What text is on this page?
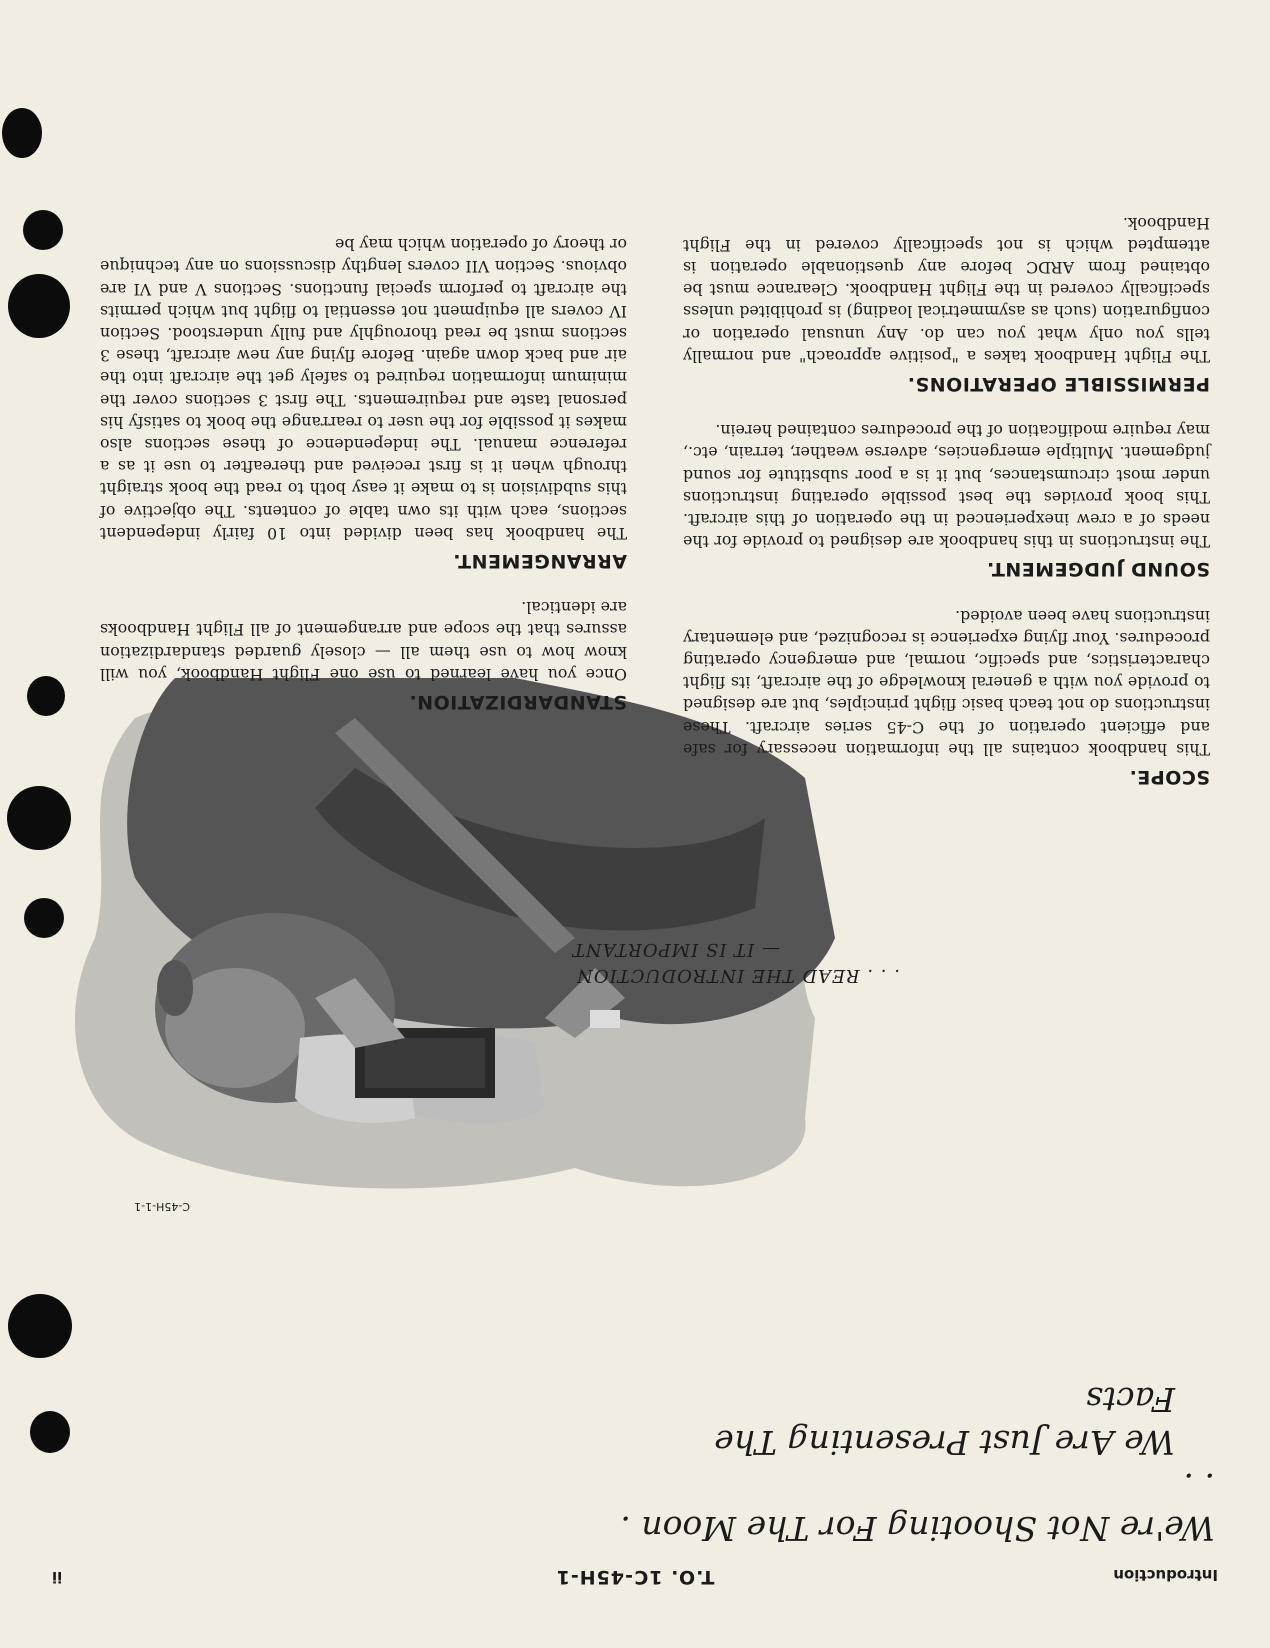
Introduction
T.O. 1C-45H-1
ii
We're Not Shooting For The Moon . . .
We Are Just Presenting The Facts
C-45H-1-1
. . . READ THE INTRODUCTION
— IT IS IMPORTANT
SCOPE.

This handbook contains all the information necessary for safe and efficient operation of the C-45 series aircraft. These instructions do not teach basic flight principles, but are designed to provide you with a general knowledge of the aircraft, its flight characteristics, and specific, normal, and emergency operating procedures. Your flying experience is recognized, and elementary instructions have been avoided.

SOUND JUDGEMENT.

The instructions in this handbook are designed to provide for the needs of a crew inexperienced in the operation of this aircraft. This book provides the best possible operating instructions under most circumstances, but it is a poor substitute for sound judgement. Multiple emergencies, adverse weather, terrain, etc., may require modification of the procedures contained herein.

PERMISSIBLE OPERATIONS.

The Flight Handbook takes a "positive approach" and normally tells you only what you can do. Any unusual operation or configuration (such as asymmetrical loading) is prohibited unless specifically covered in the Flight Handbook. Clearance must be obtained from ARDC before any questionable operation is attempted which is not specifically covered in the Flight Handbook.

STANDARDIZATION.

Once you have learned to use one Flight Handbook, you will know how to use them all — closely guarded standardization assures that the scope and arrangement of all Flight Handbooks are identical.

ARRANGEMENT.

The handbook has been divided into 10 fairly independent sections, each with its own table of contents. The objective of this subdivision is to make it easy both to read the book straight through when it is first received and thereafter to use it as a reference manual. The independence of these sections also makes it possible for the user to rearrange the book to satisfy his personal taste and requirements. The first 3 sections cover the minimum information required to safely get the aircraft into the air and back down again. Before flying any new aircraft, these 3 sections must be read thoroughly and fully understood. Section IV covers all equipment not essential to flight but which permits the aircraft to perform special functions. Sections V and VI are obvious. Section VII covers lengthy discussions on any technique or theory of operation which may be
